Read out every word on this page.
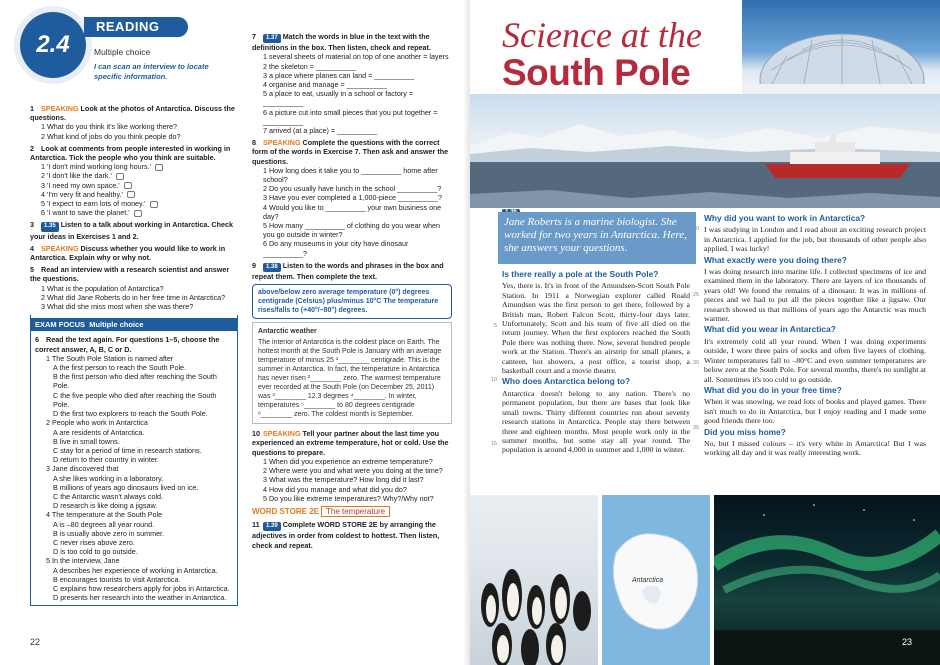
2.4
READING
Multiple choice
I can scan an interview to locate specific information.
1 SPEAKING Look at the photos of Antarctica. Discuss the questions.
1 What do you think it's like working there?
2 What kind of jobs do you think people do?
2 Look at comments from people interested in working in Antarctica. Tick the people who you think are suitable.
1 'I don't mind working long hours.'
2 'I don't like the dark.'
3 'I need my own space.'
4 'I'm very fit and healthy.'
5 'I expect to earn lots of money.'
6 'I want to save the planet.'
3 1.35 Listen to a talk about working in Antarctica. Check your ideas in Exercises 1 and 2.
4 SPEAKING Discuss whether you would like to work in Antarctica. Explain why or why not.
5 Read an interview with a research scientist and answer the questions.
1 What is the population of Antarctica?
2 What did Jane Roberts do in her free time in Antarctica?
3 What did she miss most when she was there?
EXAM FOCUS Multiple choice
6 Read the text again. For questions 1–5, choose the correct answer, A, B, C or D.
1 The South Pole Station is named after
A the first person to reach the South Pole.
B the first person who died after reaching the South Pole.
C the five people who died after reaching the South Pole.
D the first two explorers to reach the South Pole.
2 People who work in Antarctica
A are residents of Antarctica.
B live in small towns.
C stay for a period of time in research stations.
D return to their country in winter.
3 Jane discovered that
A she likes working in a laboratory.
B millions of years ago dinosaurs lived on ice.
C the Antarctic wasn't always cold.
D research is like doing a jigsaw.
4 The temperature at the South Pole
A is –80 degrees all year round.
B is usually above zero in summer.
C never rises above zero.
D is too cold to go outside.
5 In the interview, Jane
A describes her experience of working in Antarctica.
B encourages tourists to visit Antarctica.
C explains how researchers apply for jobs in Antarctica.
D presents her research into the weather in Antarctica.
7 1.37 Match the words in blue in the text with the definitions in the box. Then listen, check and repeat.
1 several sheets of material on top of one another = layers
2 the skeleton = __________
3 a place where planes can land = __________
4 organise and manage = __________
5 a place to eat, usually in a school or factory = __________
6 a picture cut into small pieces that you put together = __________
7 arrived (at a place) = __________
8 SPEAKING Complete the questions with the correct form of the words in Exercise 7. Then ask and answer the questions.
1 How long does it take you to __________ home after school?
2 Do you usually have lunch in the school __________?
3 Have you ever completed a 1,000-piece __________?
4 Would you like to __________ your own business one day?
5 How many __________ of clothing do you wear when you go outside in winter?
6 Do any museums in your city have dinosaur __________?
9 1.38 Listen to the words and phrases in the box and repeat them. Then complete the text.
above/below zero average temperature (0°) degrees centigrade (Celsius) plus/minus 10°C The temperature rises/falls to (+40°/–80°) degrees.
Antarctic weather
The interior of Antarctica is the coldest place on Earth. The hottest month at the South Pole is January with an average temperature of minus 25 ¹________ centigrade. This is the summer in Antarctica. In fact, the temperature in Antarctica has never risen ²________ zero. The warmest temperature ever recorded at the South Pole (on December 25, 2011) was ³________ 12.3 degrees ⁴________. In winter, temperatures ⁵________ to 80 degrees centigrade ⁶________ zero. The coldest month is September.
10 SPEAKING Tell your partner about the last time you experienced an extreme temperature, hot or cold. Use the questions to prepare.
1 When did you experience an extreme temperature?
2 Where were you and what were you doing at the time?
3 What was the temperature? How long did it last?
4 How did you manage and what did you do?
5 Do you like extreme temperatures? Why?/Why not?
WORD STORE 2E The temperature
11 1.39 Complete WORD STORE 2E by arranging the adjectives in order from coldest to hottest. Then listen, check and repeat.
22
Science at the
South Pole
Jane Roberts is a marine biologist. She worked for two years in Antarctica. Here, she answers your questions.
Is there really a pole at the South Pole?

Yes, there is. It's in front of the Amundsen-Scott South Pole Station. In 1911 a Norwegian explorer called Roald Amundsen was the first person to get there, followed by a British man, Robert Falcon Scott, thirty-four days later. Unfortunately, Scott and his team of five all died on the return journey. When the first explorers reached the South Pole there was nothing there. Now, several hundred people work at the Station. There's an airstrip for small planes, a canteen, hot showers, a post office, a tourist shop, a basketball court and a movie theatre.

Who does Antarctica belong to?

Antarctica doesn't belong to any nation. There's no permanent population, but there are bases that look like small towns. Thirty different countries run about seventy research stations in Antarctica. People stay there between three and eighteen months. Most people work only in the summer months, but some stay all year round. The population is around 4,000 in summer and 1,000 in winter.

Why did you want to work in Antarctica?

I was studying in London and I read about an exciting research project in Antarctica. I applied for the job, but thousands of other people also applied. I was lucky!

What exactly were you doing there?

I was doing research into marine life. I collected specimens of ice and examined them in the laboratory. There are layers of ice thousands of years old! We found the remains of a dinosaur. It was in millions of pieces and we had to put all the pieces together like a jigsaw. Our research showed us that millions of years ago the Antarctic was much warmer.

What did you wear in Antarctica?

It's extremely cold all year round. When I was doing experiments outside, I wore three pairs of socks and often five layers of clothing. Winter temperatures fall to –80°C and even summer temperatures are below zero at the South Pole. For several months, there's no sunlight at all. Sometimes it's too cold to go outside.

What did you do in your free time?

When it was snowing, we read lots of books and played games. There isn't much to do in Antarctica, but I enjoy reading and I made some good friends there too.

Did you miss home?

No, but I missed colours – it's very white in Antarctica! But I was working all day and it was really interesting work.

5
10
15
20
25
30
35
Antarctica
23
